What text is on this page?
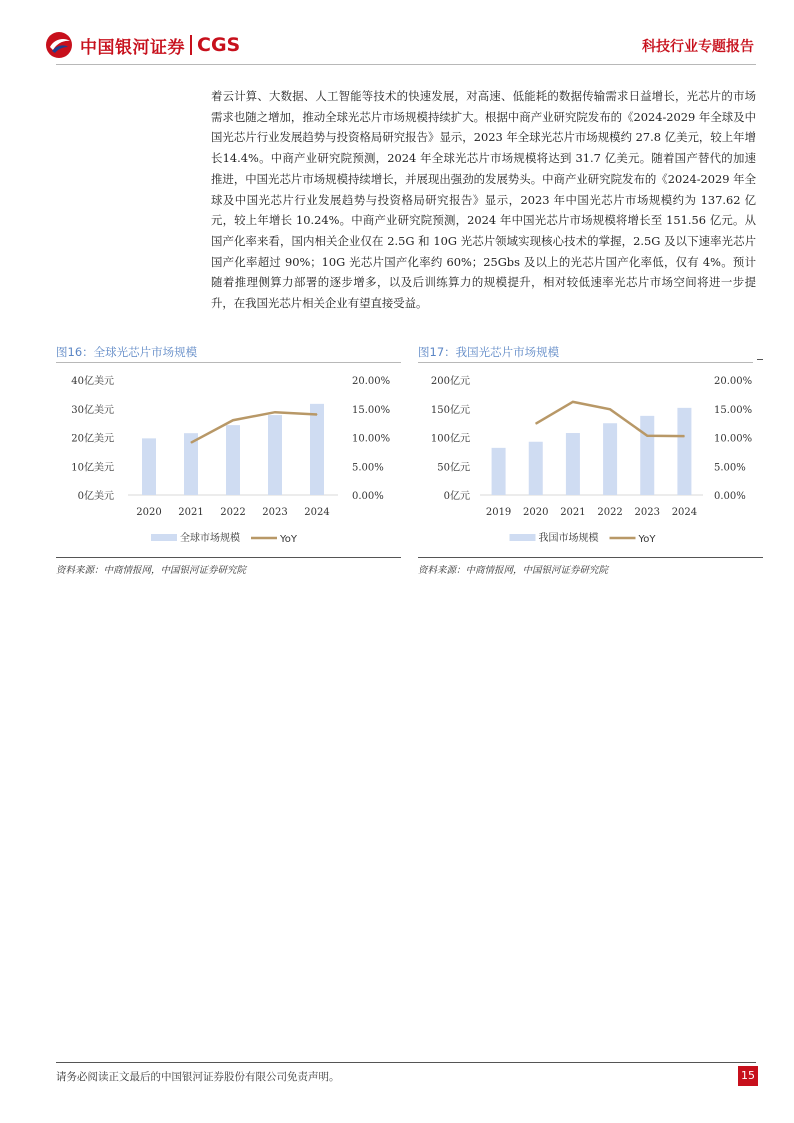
中国银河证券 CGS	科技行业专题报告

着云计算、大数据、人工智能等技术的快速发展，对高速、低能耗的数据传输需求日益增长，光芯片的市场需求也随之增加，推动全球光芯片市场规模持续扩大。根据中商产业研究院发布的《2024-2029 年全球及中国光芯片行业发展趋势与投资格局研究报告》显示，2023 年全球光芯片市场规模约 27.8 亿美元，较上年增长14.4%。中商产业研究院预测，2024 年全球光芯片市场规模将达到 31.7 亿美元。随着国产替代的加速推进，中国光芯片市场规模持续增长，并展现出强劲的发展势头。中商产业研究院发布的《2024-2029 年全球及中国光芯片行业发展趋势与投资格局研究报告》显示，2023 年中国光芯片市场规模约为 137.62 亿元，较上年增长 10.24%。中商产业研究院预测，2024 年中国光芯片市场规模将增长至 151.56 亿元。从国产化率来看，国内相关企业仅在 2.5G 和 10G 光芯片领域实现核心技术的掌握，2.5G 及以下速率光芯片国产化率超过 90%；10G 光芯片国产化率约 60%；25Gbs 及以上的光芯片国产化率低，仅有 4%。预计随着推理侧算力部署的逐步增多，以及后训练算力的规模提升，相对较低速率光芯片市场空间将进一步提升，在我国光芯片相关企业有望直接受益。

图16：全球光芯片市场规模
0亿美元
10亿美元
20亿美元
30亿美元
40亿美元
0.00%
5.00%
10.00%
15.00%
20.00%
2020 2021 2022 2023 2024
全球市场规模	YoY
资料来源：中商情报网，中国银河证券研究院
图17：我国光芯片市场规模
0亿元
50亿元
100亿元
150亿元
200亿元
0.00%
5.00%
10.00%
15.00%
20.00%
2019 2020 2021 2022 2023 2024
我国市场规模	YoY
资料来源：中商情报网，中国银河证券研究院
请务必阅读正文最后的中国银河证券股份有限公司免责声明。	15
